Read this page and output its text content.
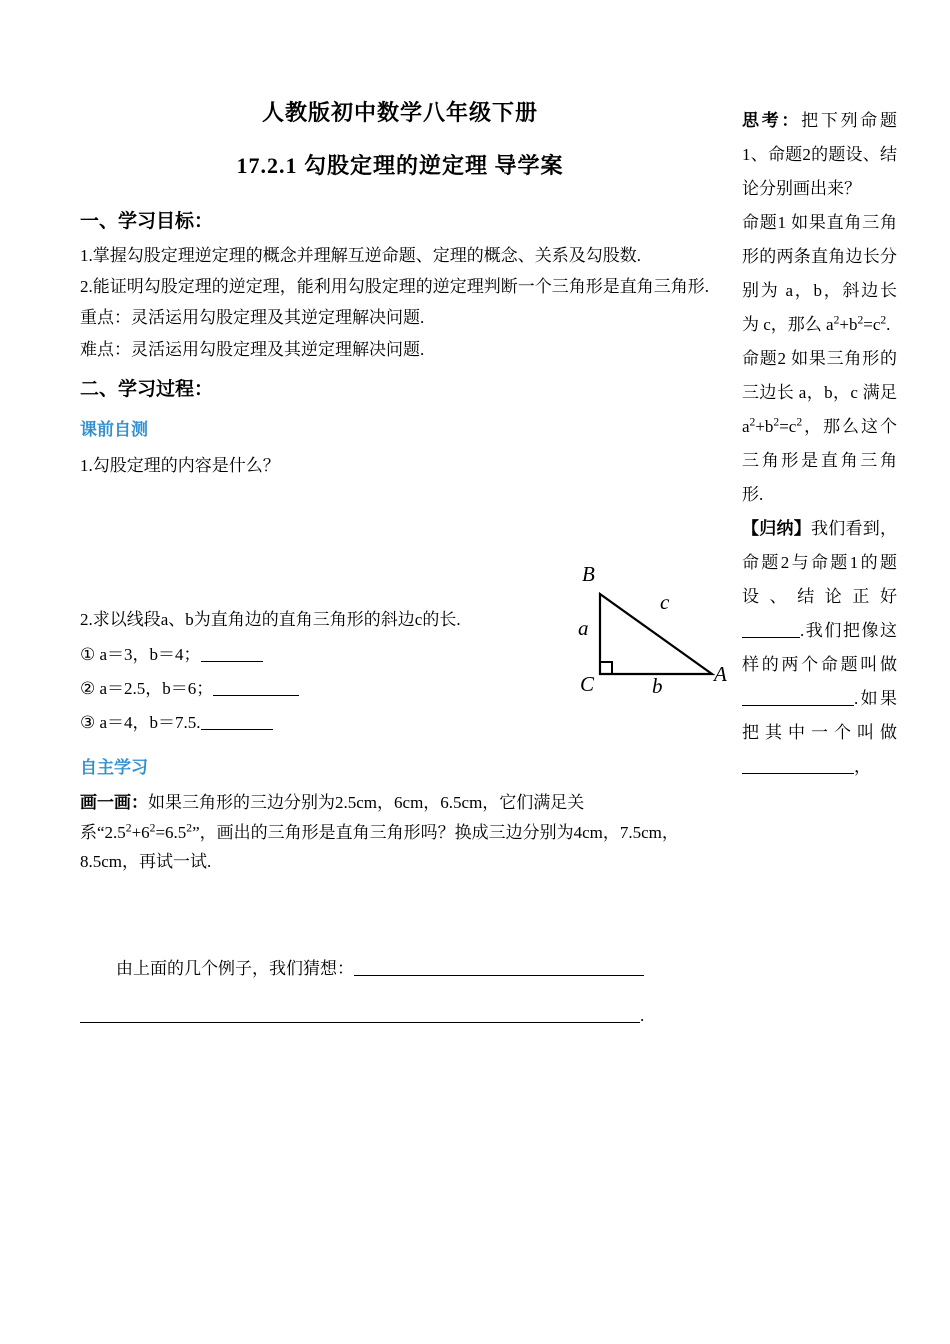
人教版初中数学八年级下册
17.2.1 勾股定理的逆定理 导学案
一、学习目标：
1.掌握勾股定理逆定理的概念并理解互逆命题、定理的概念、关系及勾股数.
2.能证明勾股定理的逆定理，能利用勾股定理的逆定理判断一个三角形是直角三角形.
重点：灵活运用勾股定理及其逆定理解决问题.
难点：灵活运用勾股定理及其逆定理解决问题.
二、学习过程：
课前自测
1.勾股定理的内容是什么？
2.求以线段a、b为直角边的直角三角形的斜边c的长.
① a＝3，b＝4；
② a＝2.5，b＝6；
③ a＝4，b＝7.5.
自主学习
画一画：如果三角形的三边分别为2.5cm，6cm，6.5cm，它们满足关系“$2.5^2+6^2=6.5^2$”，画出的三角形是直角三角形吗？换成三边分别为4cm，7.5cm，8.5cm，再试一试.
由上面的几个例子，我们猜想：
.
B
C	A
a
b
c

思考：把下列命题1、命题2的题设、结论分别画出来？

命题1 如果直角三角形的两条直角边长分别为 a，b，斜边长为 c，那么 $a^2+b^2=c^2$.

命题2 如果三角形的三边长 a，b，c 满足 $a^2+b^2=c^2$，那么这个三角形是直角三角形.

【归纳】我们看到，命题2与命题1的题设、结论正好.我们把像这样的两个命题叫做.如果把其中一个叫做，
